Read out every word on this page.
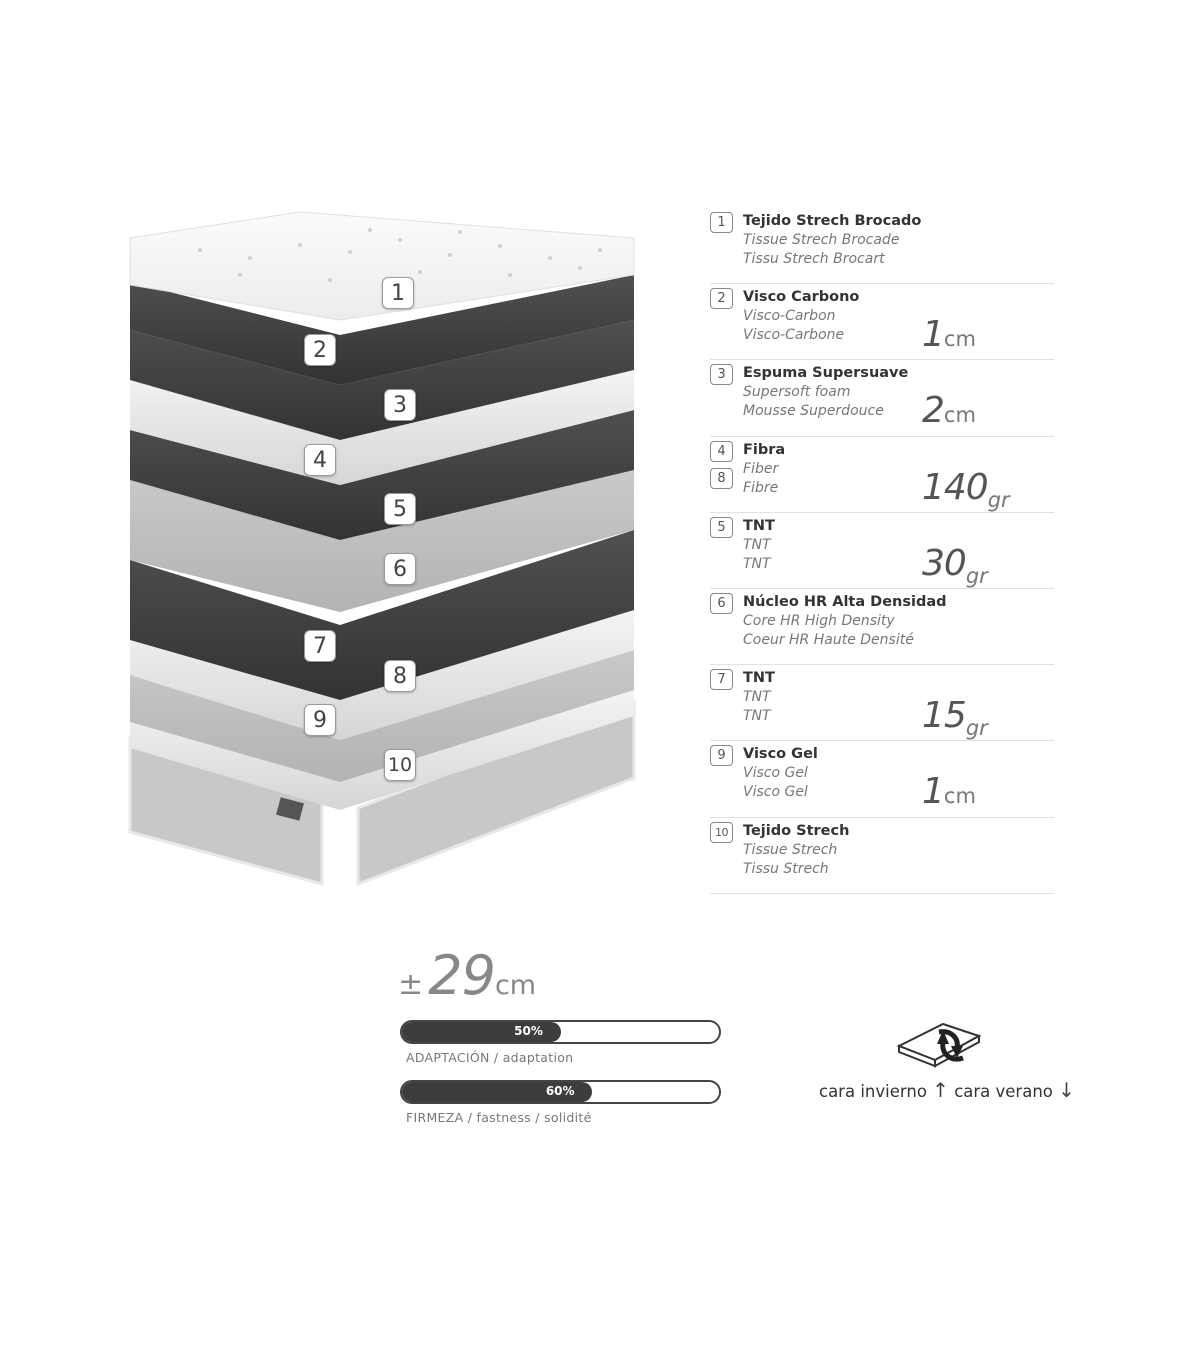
1
2
3
4
5
6
7
8
9
10
1	Tejido Strech Brocado
Tissue Strech Brocade
Tissu Strech Brocart
2	Visco Carbono
Visco-Carbon
Visco-Carbone	1cm
3	Espuma Supersuave
Supersoft foam
Mousse Superdouce	2cm
4
8
Fibra
Fiber
Fibre	140gr
5	TNT
TNT
TNT	30gr
6	Núcleo HR Alta Densidad
Core HR High Density
Coeur HR Haute Densité
7	TNT
TNT
TNT	15gr
9	Visco Gel
Visco Gel
Visco Gel	1cm
10	Tejido Strech
Tissue Strech
Tissu Strech
± 29cm
50%
ADAPTACIÓN / adaptation
60%
FIRMEZA / fastness / solidité
cara invierno ↑ cara verano ↓
